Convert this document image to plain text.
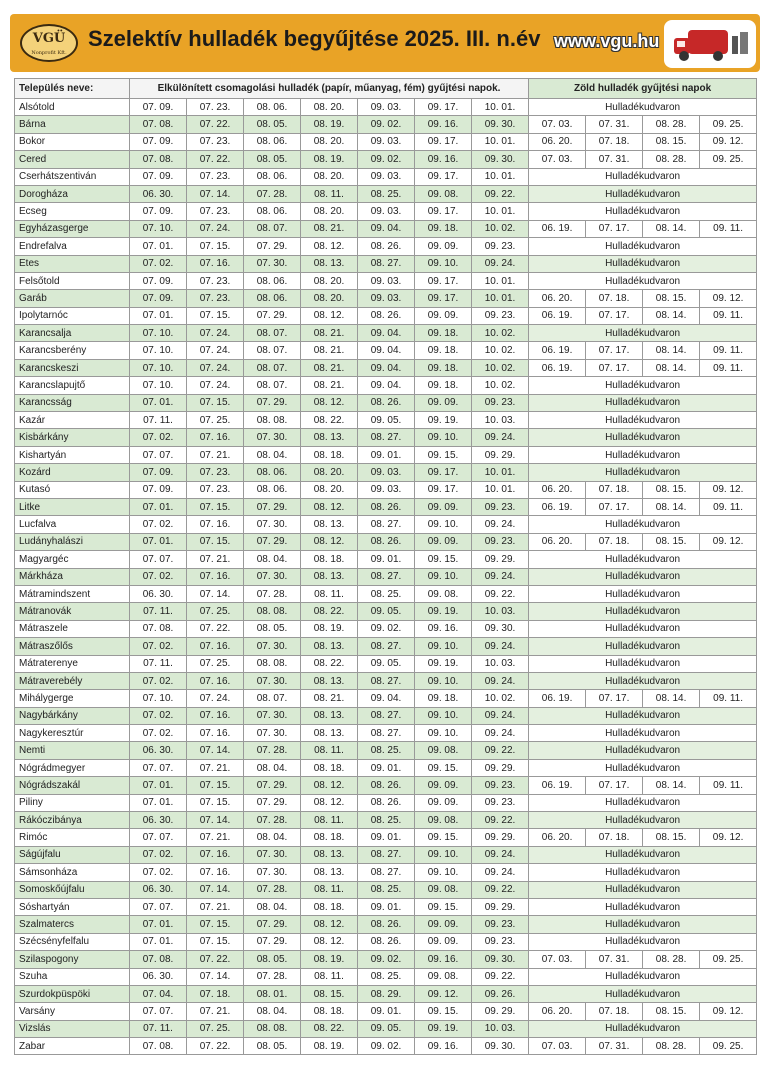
VGÜ
Nonprofit Kft.
Szelektív hulladék begyűjtése 2025. III. n.év www.vgu.hu
Település neve:	Elkülönített csomagolási hulladék (papír, műanyag, fém) gyűjtési napok.							Zöld hulladék gyűjtési napok			
Alsótold	07. 09.	07. 23.	08. 06.	08. 20.	09. 03.	09. 17.	10. 01.	Hulladékudvaron			
Bárna	07. 08.	07. 22.	08. 05.	08. 19.	09. 02.	09. 16.	09. 30.	07. 03.	07. 31.	08. 28.	09. 25.
Bokor	07. 09.	07. 23.	08. 06.	08. 20.	09. 03.	09. 17.	10. 01.	06. 20.	07. 18.	08. 15.	09. 12.
Cered	07. 08.	07. 22.	08. 05.	08. 19.	09. 02.	09. 16.	09. 30.	07. 03.	07. 31.	08. 28.	09. 25.
Cserhátszentiván	07. 09.	07. 23.	08. 06.	08. 20.	09. 03.	09. 17.	10. 01.	Hulladékudvaron			
Dorogháza	06. 30.	07. 14.	07. 28.	08. 11.	08. 25.	09. 08.	09. 22.	Hulladékudvaron			
Ecseg	07. 09.	07. 23.	08. 06.	08. 20.	09. 03.	09. 17.	10. 01.	Hulladékudvaron			
Egyházasgerge	07. 10.	07. 24.	08. 07.	08. 21.	09. 04.	09. 18.	10. 02.	06. 19.	07. 17.	08. 14.	09. 11.
Endrefalva	07. 01.	07. 15.	07. 29.	08. 12.	08. 26.	09. 09.	09. 23.	Hulladékudvaron			
Etes	07. 02.	07. 16.	07. 30.	08. 13.	08. 27.	09. 10.	09. 24.	Hulladékudvaron			
Felsőtold	07. 09.	07. 23.	08. 06.	08. 20.	09. 03.	09. 17.	10. 01.	Hulladékudvaron			
Garáb	07. 09.	07. 23.	08. 06.	08. 20.	09. 03.	09. 17.	10. 01.	06. 20.	07. 18.	08. 15.	09. 12.
Ipolytarnóc	07. 01.	07. 15.	07. 29.	08. 12.	08. 26.	09. 09.	09. 23.	06. 19.	07. 17.	08. 14.	09. 11.
Karancsalja	07. 10.	07. 24.	08. 07.	08. 21.	09. 04.	09. 18.	10. 02.	Hulladékudvaron			
Karancsberény	07. 10.	07. 24.	08. 07.	08. 21.	09. 04.	09. 18.	10. 02.	06. 19.	07. 17.	08. 14.	09. 11.
Karancskeszi	07. 10.	07. 24.	08. 07.	08. 21.	09. 04.	09. 18.	10. 02.	06. 19.	07. 17.	08. 14.	09. 11.
Karancslapujtő	07. 10.	07. 24.	08. 07.	08. 21.	09. 04.	09. 18.	10. 02.	Hulladékudvaron			
Karancsság	07. 01.	07. 15.	07. 29.	08. 12.	08. 26.	09. 09.	09. 23.	Hulladékudvaron			
Kazár	07. 11.	07. 25.	08. 08.	08. 22.	09. 05.	09. 19.	10. 03.	Hulladékudvaron			
Kisbárkány	07. 02.	07. 16.	07. 30.	08. 13.	08. 27.	09. 10.	09. 24.	Hulladékudvaron			
Kishartyán	07. 07.	07. 21.	08. 04.	08. 18.	09. 01.	09. 15.	09. 29.	Hulladékudvaron			
Kozárd	07. 09.	07. 23.	08. 06.	08. 20.	09. 03.	09. 17.	10. 01.	Hulladékudvaron			
Kutasó	07. 09.	07. 23.	08. 06.	08. 20.	09. 03.	09. 17.	10. 01.	06. 20.	07. 18.	08. 15.	09. 12.
Litke	07. 01.	07. 15.	07. 29.	08. 12.	08. 26.	09. 09.	09. 23.	06. 19.	07. 17.	08. 14.	09. 11.
Lucfalva	07. 02.	07. 16.	07. 30.	08. 13.	08. 27.	09. 10.	09. 24.	Hulladékudvaron			
Ludányhalászi	07. 01.	07. 15.	07. 29.	08. 12.	08. 26.	09. 09.	09. 23.	06. 20.	07. 18.	08. 15.	09. 12.
Magyargéc	07. 07.	07. 21.	08. 04.	08. 18.	09. 01.	09. 15.	09. 29.	Hulladékudvaron			
Márkháza	07. 02.	07. 16.	07. 30.	08. 13.	08. 27.	09. 10.	09. 24.	Hulladékudvaron			
Mátramindszent	06. 30.	07. 14.	07. 28.	08. 11.	08. 25.	09. 08.	09. 22.	Hulladékudvaron			
Mátranovák	07. 11.	07. 25.	08. 08.	08. 22.	09. 05.	09. 19.	10. 03.	Hulladékudvaron			
Mátraszele	07. 08.	07. 22.	08. 05.	08. 19.	09. 02.	09. 16.	09. 30.	Hulladékudvaron			
Mátraszőlős	07. 02.	07. 16.	07. 30.	08. 13.	08. 27.	09. 10.	09. 24.	Hulladékudvaron			
Mátraterenye	07. 11.	07. 25.	08. 08.	08. 22.	09. 05.	09. 19.	10. 03.	Hulladékudvaron			
Mátraverebély	07. 02.	07. 16.	07. 30.	08. 13.	08. 27.	09. 10.	09. 24.	Hulladékudvaron			
Mihálygerge	07. 10.	07. 24.	08. 07.	08. 21.	09. 04.	09. 18.	10. 02.	06. 19.	07. 17.	08. 14.	09. 11.
Nagybárkány	07. 02.	07. 16.	07. 30.	08. 13.	08. 27.	09. 10.	09. 24.	Hulladékudvaron			
Nagykeresztúr	07. 02.	07. 16.	07. 30.	08. 13.	08. 27.	09. 10.	09. 24.	Hulladékudvaron			
Nemti	06. 30.	07. 14.	07. 28.	08. 11.	08. 25.	09. 08.	09. 22.	Hulladékudvaron			
Nógrádmegyer	07. 07.	07. 21.	08. 04.	08. 18.	09. 01.	09. 15.	09. 29.	Hulladékudvaron			
Nógrádszakál	07. 01.	07. 15.	07. 29.	08. 12.	08. 26.	09. 09.	09. 23.	06. 19.	07. 17.	08. 14.	09. 11.
Piliny	07. 01.	07. 15.	07. 29.	08. 12.	08. 26.	09. 09.	09. 23.	Hulladékudvaron			
Rákóczibánya	06. 30.	07. 14.	07. 28.	08. 11.	08. 25.	09. 08.	09. 22.	Hulladékudvaron			
Rimóc	07. 07.	07. 21.	08. 04.	08. 18.	09. 01.	09. 15.	09. 29.	06. 20.	07. 18.	08. 15.	09. 12.
Ságújfalu	07. 02.	07. 16.	07. 30.	08. 13.	08. 27.	09. 10.	09. 24.	Hulladékudvaron			
Sámsonháza	07. 02.	07. 16.	07. 30.	08. 13.	08. 27.	09. 10.	09. 24.	Hulladékudvaron			
Somoskőújfalu	06. 30.	07. 14.	07. 28.	08. 11.	08. 25.	09. 08.	09. 22.	Hulladékudvaron			
Sóshartyán	07. 07.	07. 21.	08. 04.	08. 18.	09. 01.	09. 15.	09. 29.	Hulladékudvaron			
Szalmatercs	07. 01.	07. 15.	07. 29.	08. 12.	08. 26.	09. 09.	09. 23.	Hulladékudvaron			
Szécsényfelfalu	07. 01.	07. 15.	07. 29.	08. 12.	08. 26.	09. 09.	09. 23.	Hulladékudvaron			
Szilaspogony	07. 08.	07. 22.	08. 05.	08. 19.	09. 02.	09. 16.	09. 30.	07. 03.	07. 31.	08. 28.	09. 25.
Szuha	06. 30.	07. 14.	07. 28.	08. 11.	08. 25.	09. 08.	09. 22.	Hulladékudvaron			
Szurdokpüspöki	07. 04.	07. 18.	08. 01.	08. 15.	08. 29.	09. 12.	09. 26.	Hulladékudvaron			
Varsány	07. 07.	07. 21.	08. 04.	08. 18.	09. 01.	09. 15.	09. 29.	06. 20.	07. 18.	08. 15.	09. 12.
Vizslás	07. 11.	07. 25.	08. 08.	08. 22.	09. 05.	09. 19.	10. 03.	Hulladékudvaron			
Zabar	07. 08.	07. 22.	08. 05.	08. 19.	09. 02.	09. 16.	09. 30.	07. 03.	07. 31.	08. 28.	09. 25.
